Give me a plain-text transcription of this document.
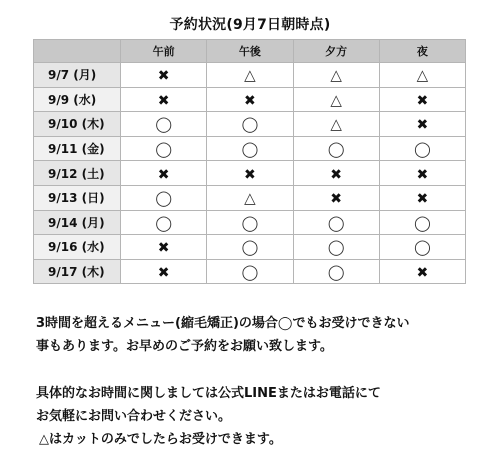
予約状況(9月7日朝時点)
	午前	午後	夕方	夜
9/7 (月)	✖	△	△	△
9/9 (水)	✖	✖	△	✖
9/10 (木)	◯	◯	△	✖
9/11 (金)	◯	◯	◯	◯
9/12 (土)	✖	✖	✖	✖
9/13 (日)	◯	△	✖	✖
9/14 (月)	◯	◯	◯	◯
9/16 (水)	✖	◯	◯	◯
9/17 (木)	✖	◯	◯	✖

3時間を超えるメニュー(縮毛矯正)の場合◯でもお受けできない

事もあります。お早めのご予約をお願い致します。

具体的なお時間に関しましては公式LINEまたはお電話にて

お気軽にお問い合わせください。

△はカットのみでしたらお受けできます。
